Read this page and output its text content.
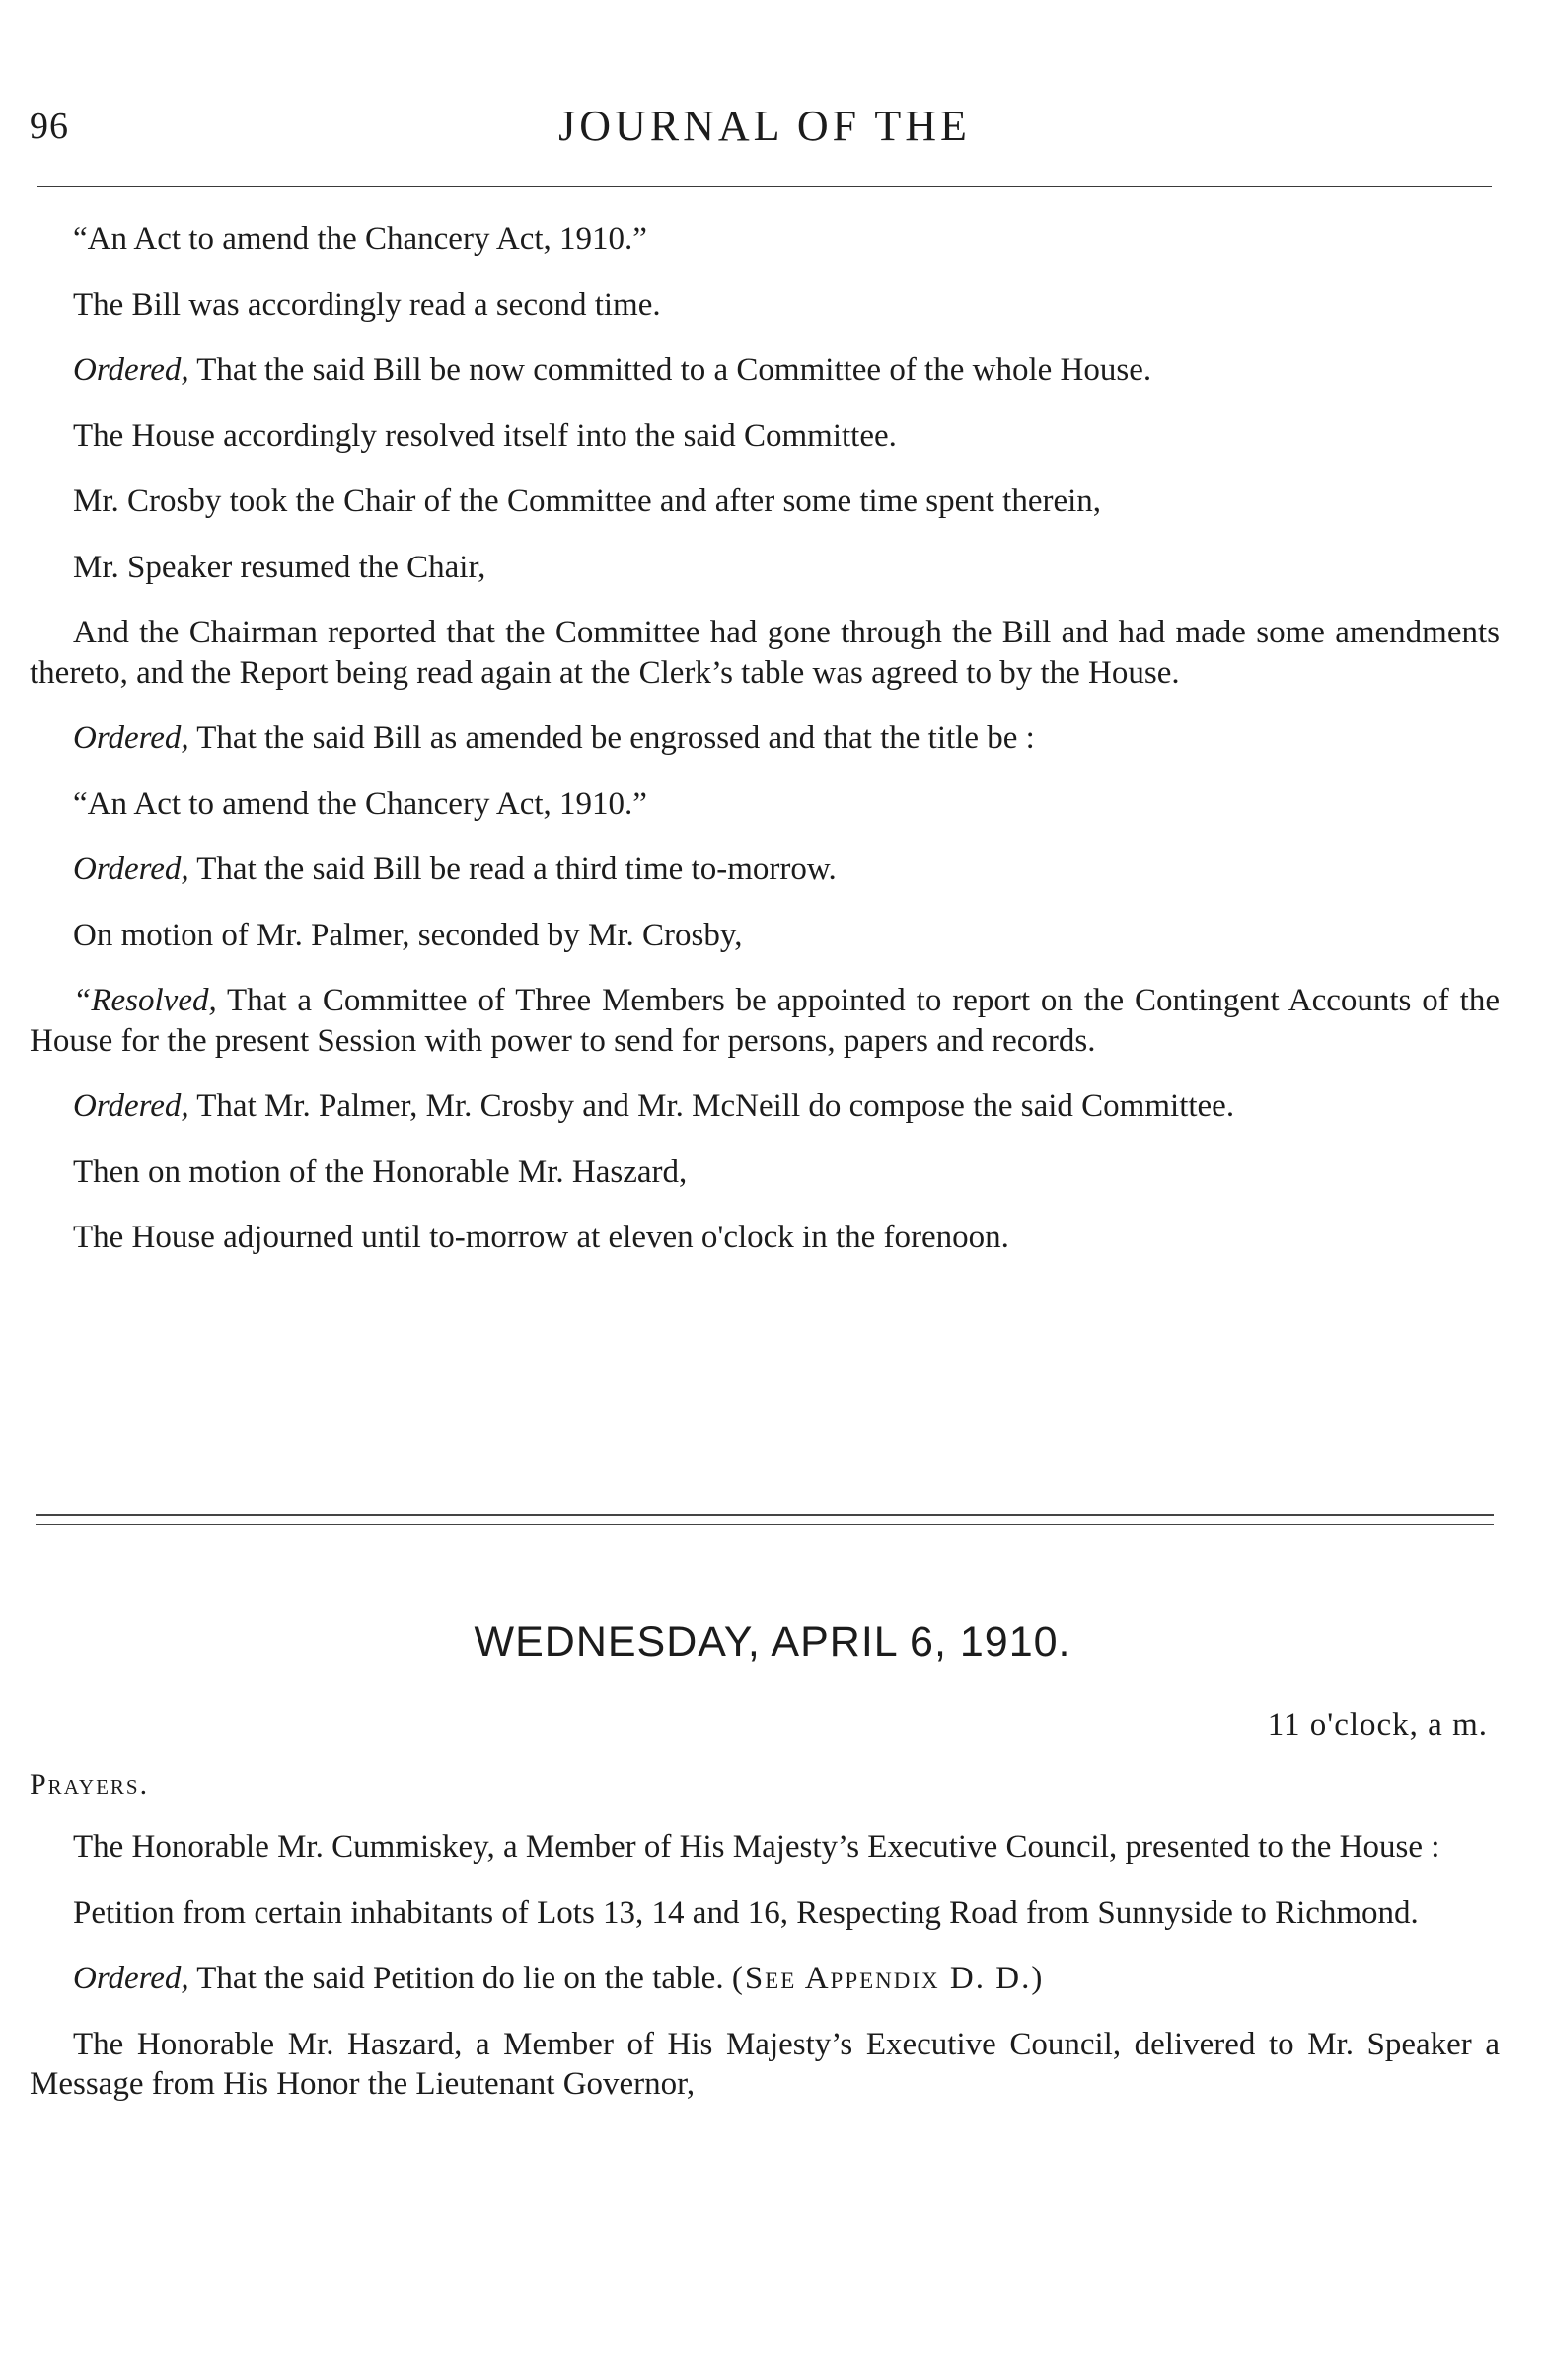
96	JOURNAL OF THE

“An Act to amend the Chancery Act, 1910.”

The Bill was accordingly read a second time.

Ordered, That the said Bill be now committed to a Committee of the whole House.

The House accordingly resolved itself into the said Committee.

Mr. Crosby took the Chair of the Committee and after some time spent therein,

Mr. Speaker resumed the Chair,

And the Chairman reported that the Committee had gone through the Bill and had made some amendments thereto, and the Report being read again at the Clerk’s table was agreed to by the House.

Ordered, That the said Bill as amended be engrossed and that the title be :

“An Act to amend the Chancery Act, 1910.”

Ordered, That the said Bill be read a third time to-morrow.

On motion of Mr. Palmer, seconded by Mr. Crosby,

“Resolved, That a Committee of Three Members be appointed to report on the Contingent Accounts of the House for the present Session with power to send for persons, papers and records.

Ordered, That Mr. Palmer, Mr. Crosby and Mr. McNeill do compose the said Committee.

Then on motion of the Honorable Mr. Haszard,

The House adjourned until to-morrow at eleven o'clock in the forenoon.

WEDNESDAY, APRIL 6, 1910.
11 o'clock, a m.
Prayers.

The Honorable Mr. Cummiskey, a Member of His Majesty’s Executive Council, presented to the House :

Petition from certain inhabitants of Lots 13, 14 and 16, Respecting Road from Sunnyside to Richmond.

Ordered, That the said Petition do lie on the table. (See Appendix D. D.)

The Honorable Mr. Haszard, a Member of His Majesty’s Executive Council, delivered to Mr. Speaker a Message from His Honor the Lieutenant Governor,
